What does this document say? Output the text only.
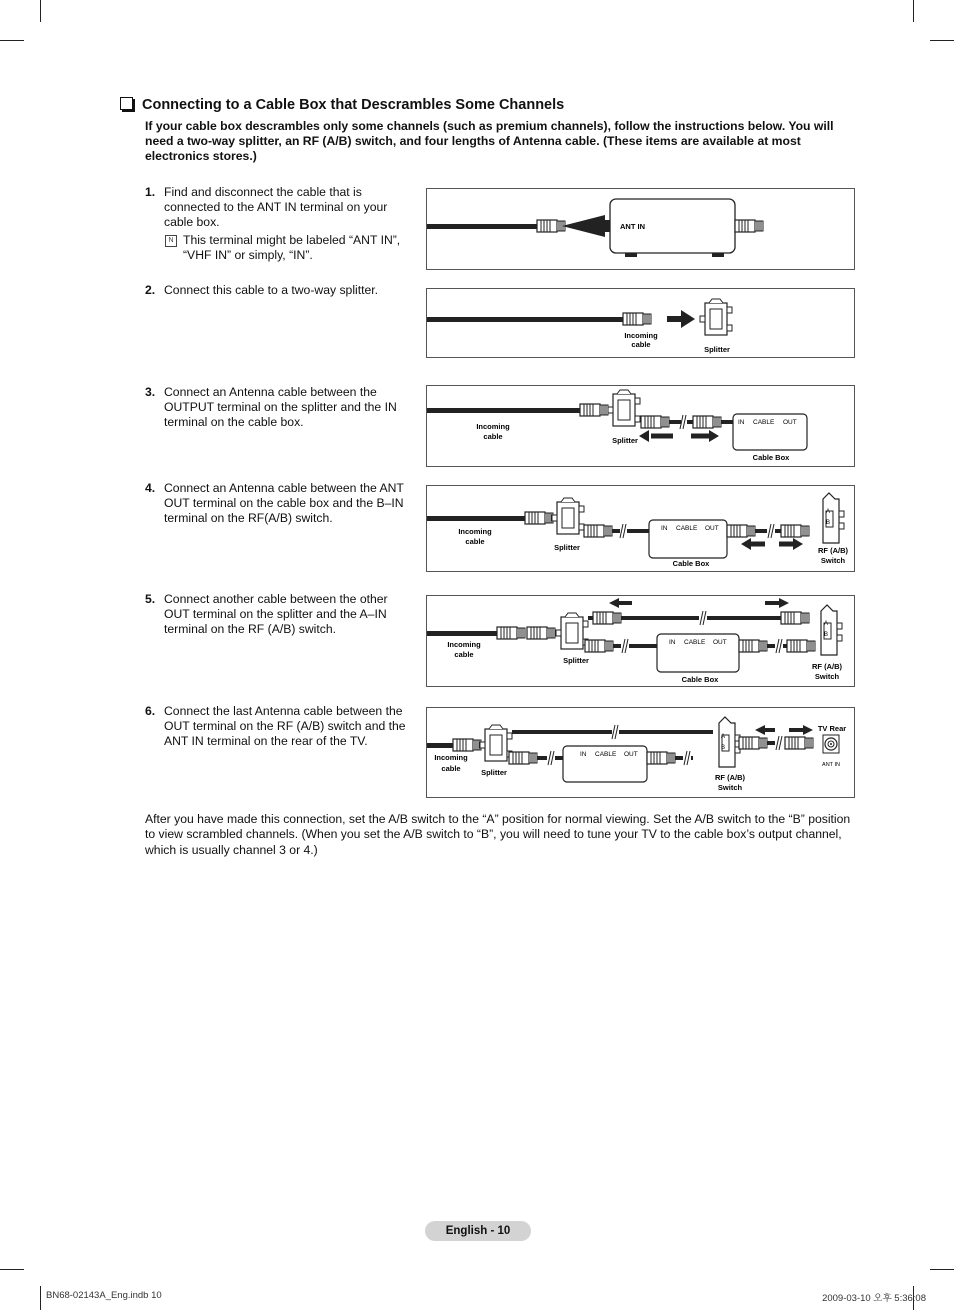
Connecting to a Cable Box that Descrambles Some Channels
If your cable box descrambles only some channels (such as premium channels), follow the instructions below. You will need a two-way splitter, an RF (A/B) switch, and four lengths of Antenna cable. (These items are available at most electronics stores.)
1. Find and disconnect the cable that is connected to the ANT IN terminal on your cable box.
N This terminal might be labeled “ANT IN”, “VHF IN” or simply, “IN”.
2. Connect this cable to a two-way splitter.
3. Connect an Antenna cable between the OUTPUT terminal on the splitter and the IN terminal on the cable box.
4. Connect an Antenna cable between the ANT OUT terminal on the cable box and the B–IN terminal on the RF(A/B) switch.
5. Connect another cable between the other OUT terminal on the splitter and the A–IN terminal on the RF (A/B) switch.
6. Connect the last Antenna cable between the OUT terminal on the RF (A/B) switch and the ANT IN terminal on the rear of the TV.
ANT IN
Incoming
cable
Splitter
IN CABLE OUT
Incoming
cable	Splitter
Cable Box
IN CABLE OUT
A
B
Incoming
cable
Splitter
Cable Box
RF (A/B)
Switch
IN CABLE OUT
A
B
Incoming
cable
Splitter
Cable Box
RF (A/B)
Switch
IN CABLE OUT
A
B
TV Rear
ANT IN
Incoming
cable	Splitter
RF (A/B)
Switch
After you have made this connection, set the A/B switch to the “A” position for normal viewing. Set the A/B switch to the “B” position to view scrambled channels. (When you set the A/B switch to “B”, you will need to tune your TV to the cable box’s output channel, which is usually channel 3 or 4.)
English - 10
BN68-02143A_Eng.indb 10	2009-03-10 오후 5:36:08
